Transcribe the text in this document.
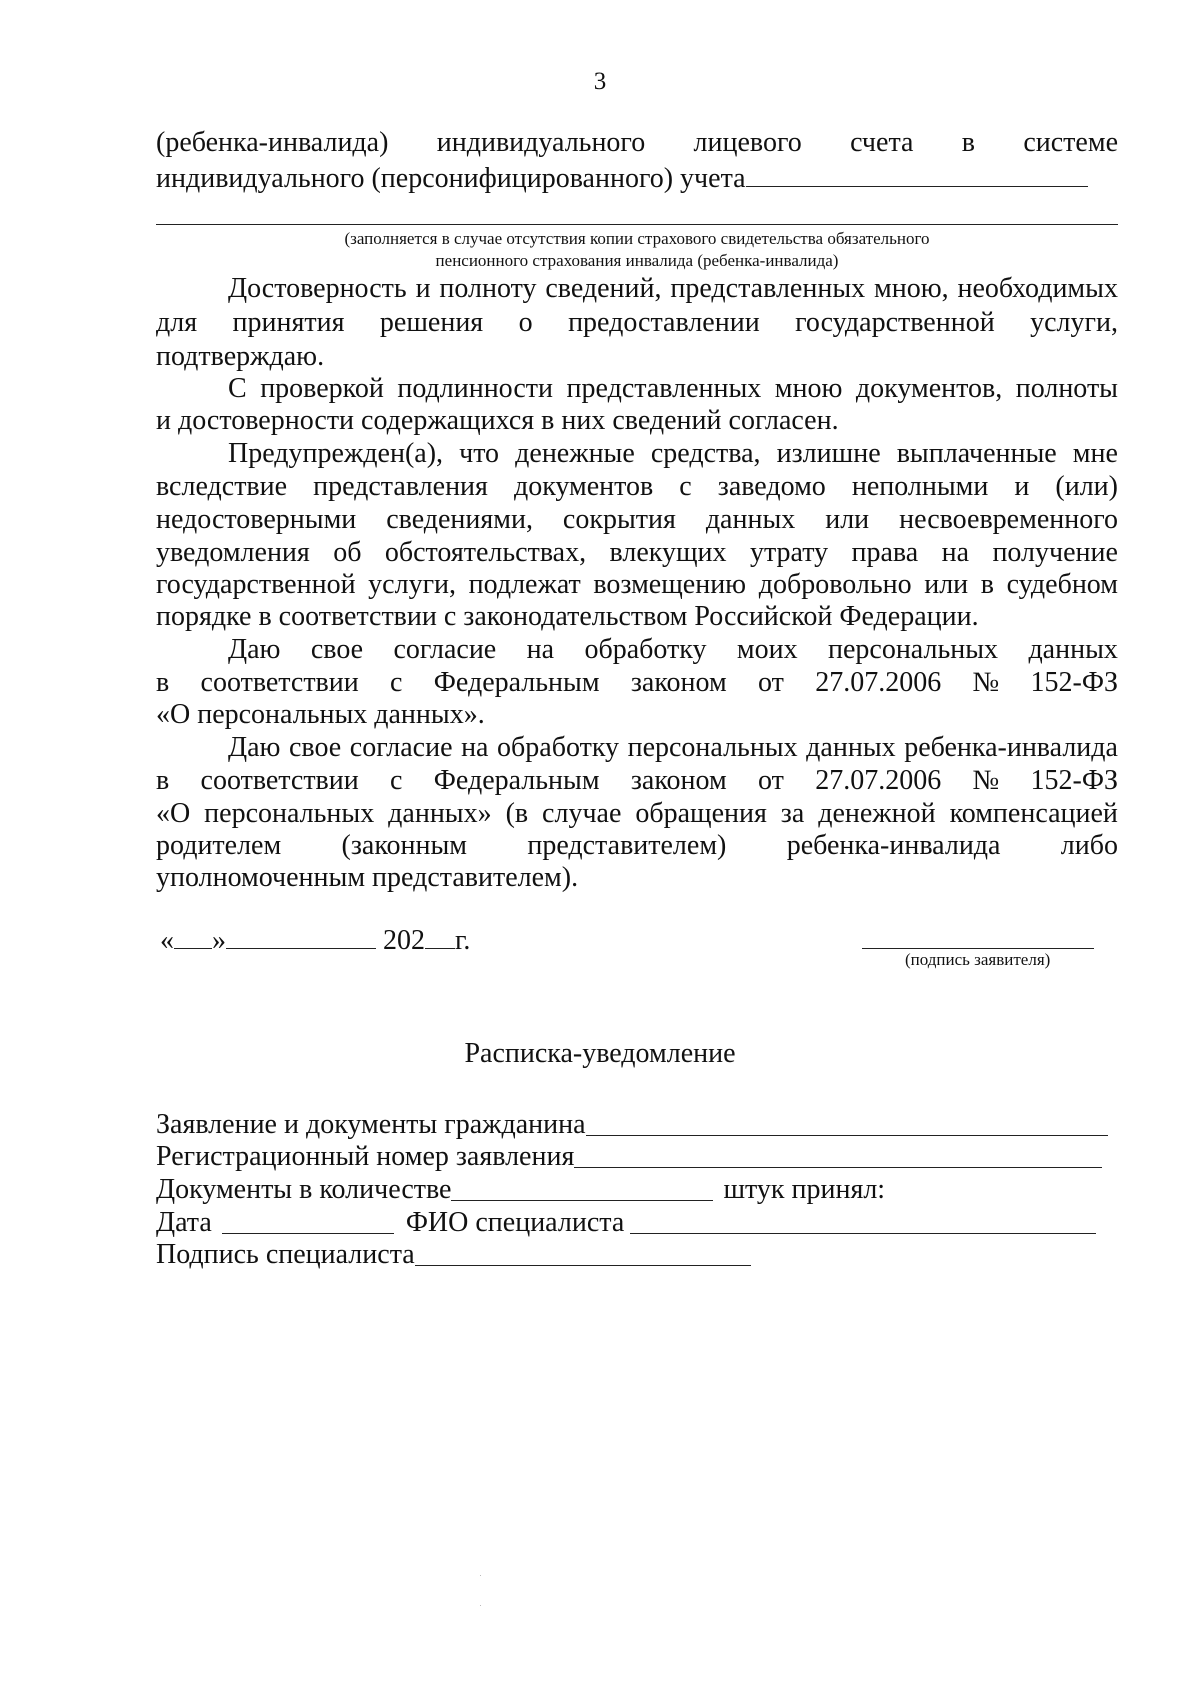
3
(ребенка-инвалида) индивидуального лицевого счета в системе
индивидуального (персонифицированного) учета
(заполняется в случае отсутствия копии страхового свидетельства обязательного
пенсионного страхования инвалида (ребенка-инвалида)
Достоверность и полноту сведений, представленных мною, необходимых
для принятия решения о предоставлении государственной услуги,
подтверждаю.
С проверкой подлинности представленных мною документов, полноты
и достоверности содержащихся в них сведений согласен.
Предупрежден(а), что денежные средства, излишне выплаченные мне
вследствие представления документов с заведомо неполными и (или)
недостоверными сведениями, сокрытия данных или несвоевременного
уведомления об обстоятельствах, влекущих утрату права на получение
государственной услуги, подлежат возмещению добровольно или в судебном
порядке в соответствии с законодательством Российской Федерации.
Даю свое согласие на обработку моих персональных данных
в соответствии с Федеральным законом от 27.07.2006 № 152-ФЗ
«О персональных данных».
Даю свое согласие на обработку персональных данных ребенка-инвалида
в соответствии с Федеральным законом от 27.07.2006 № 152-ФЗ
«О персональных данных» (в случае обращения за денежной компенсацией
родителем (законным представителем) ребенка-инвалида либо
уполномоченным представителем).
« »	202 г.
(подпись заявителя)
Расписка-уведомление
Заявление и документы гражданина
Регистрационный номер заявления
Документы в количестве	штук принял:
Дата	ФИО специалиста
Подпись специалиста
